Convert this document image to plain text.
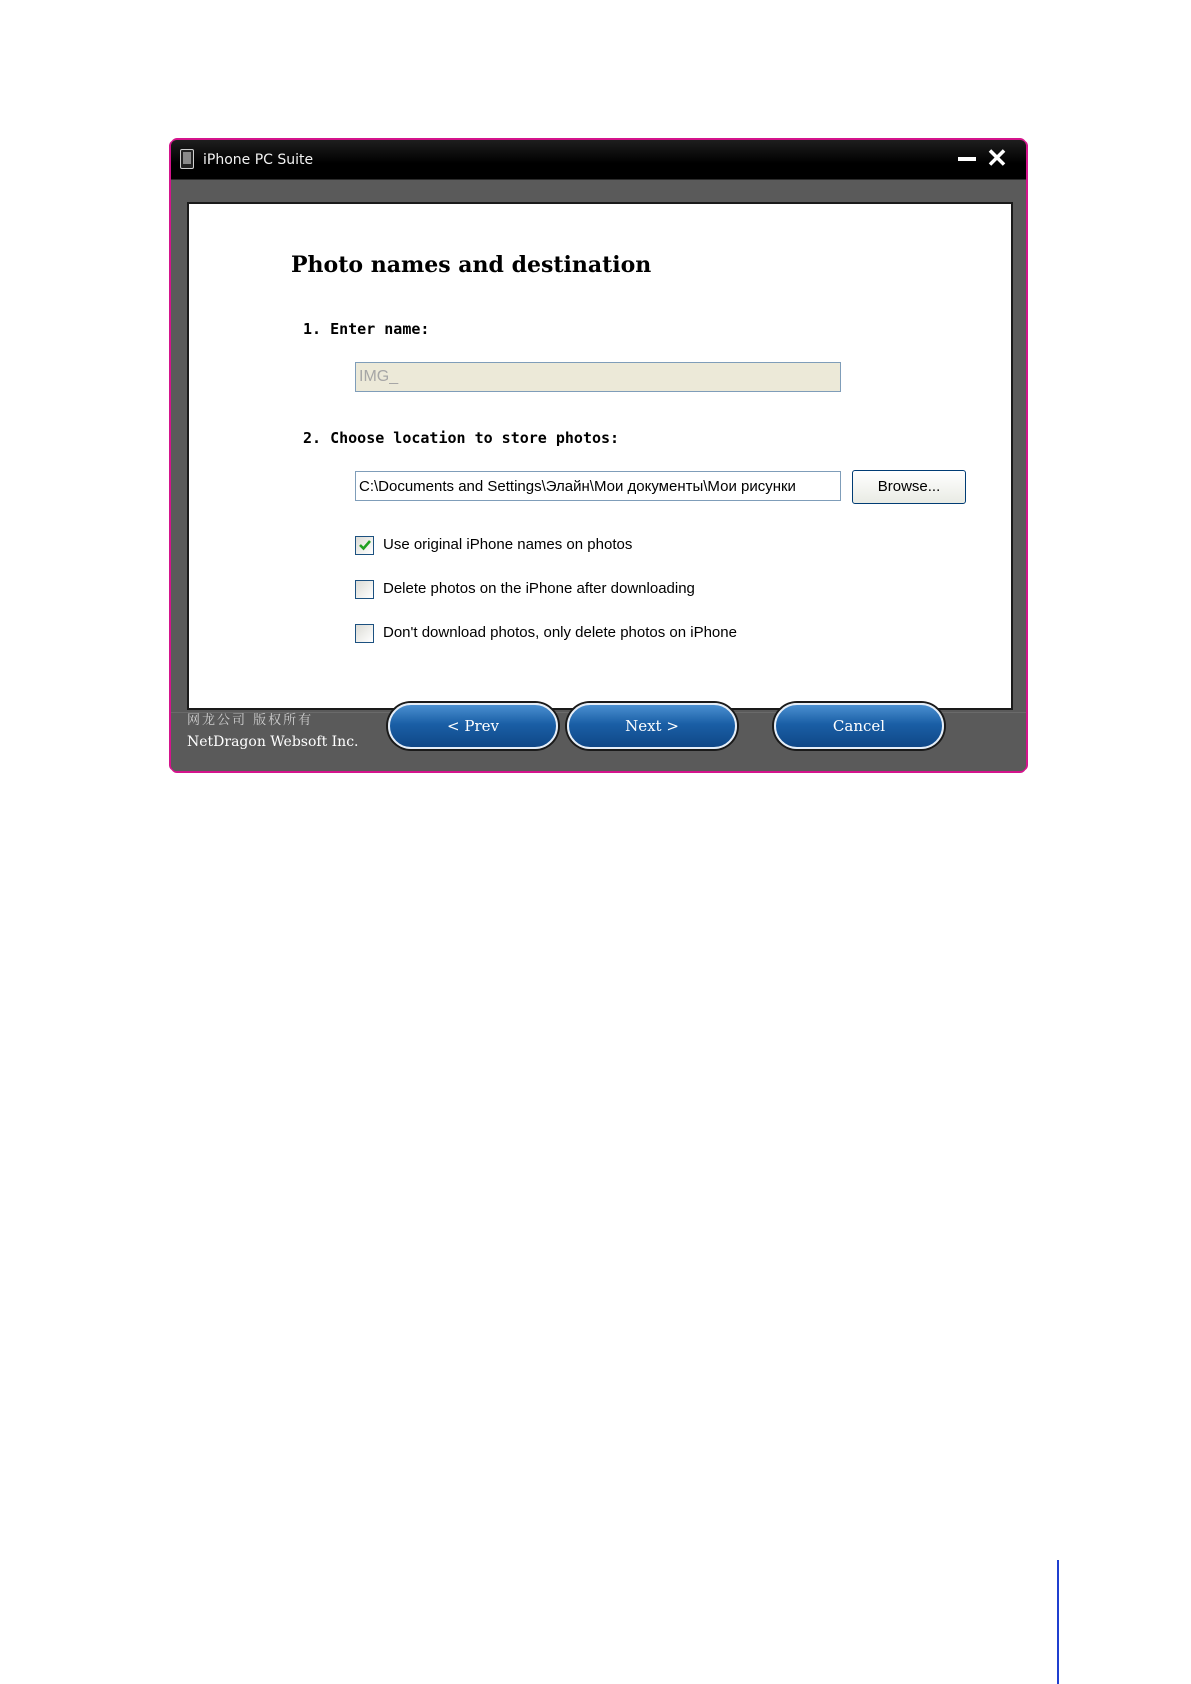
iPhone PC Suite	✕
网龙公司 版权所有
NetDragon Websoft Inc.
< Prev	Next >	Cancel
Photo names and destination
1. Enter name:
IMG_
2. Choose location to store photos:
C:\Documents and Settings\Элайн\Мои документы\Мои рисунки
Browse...
Use original iPhone names on photos
Delete photos on the iPhone after downloading
Don't download photos, only delete photos on iPhone
